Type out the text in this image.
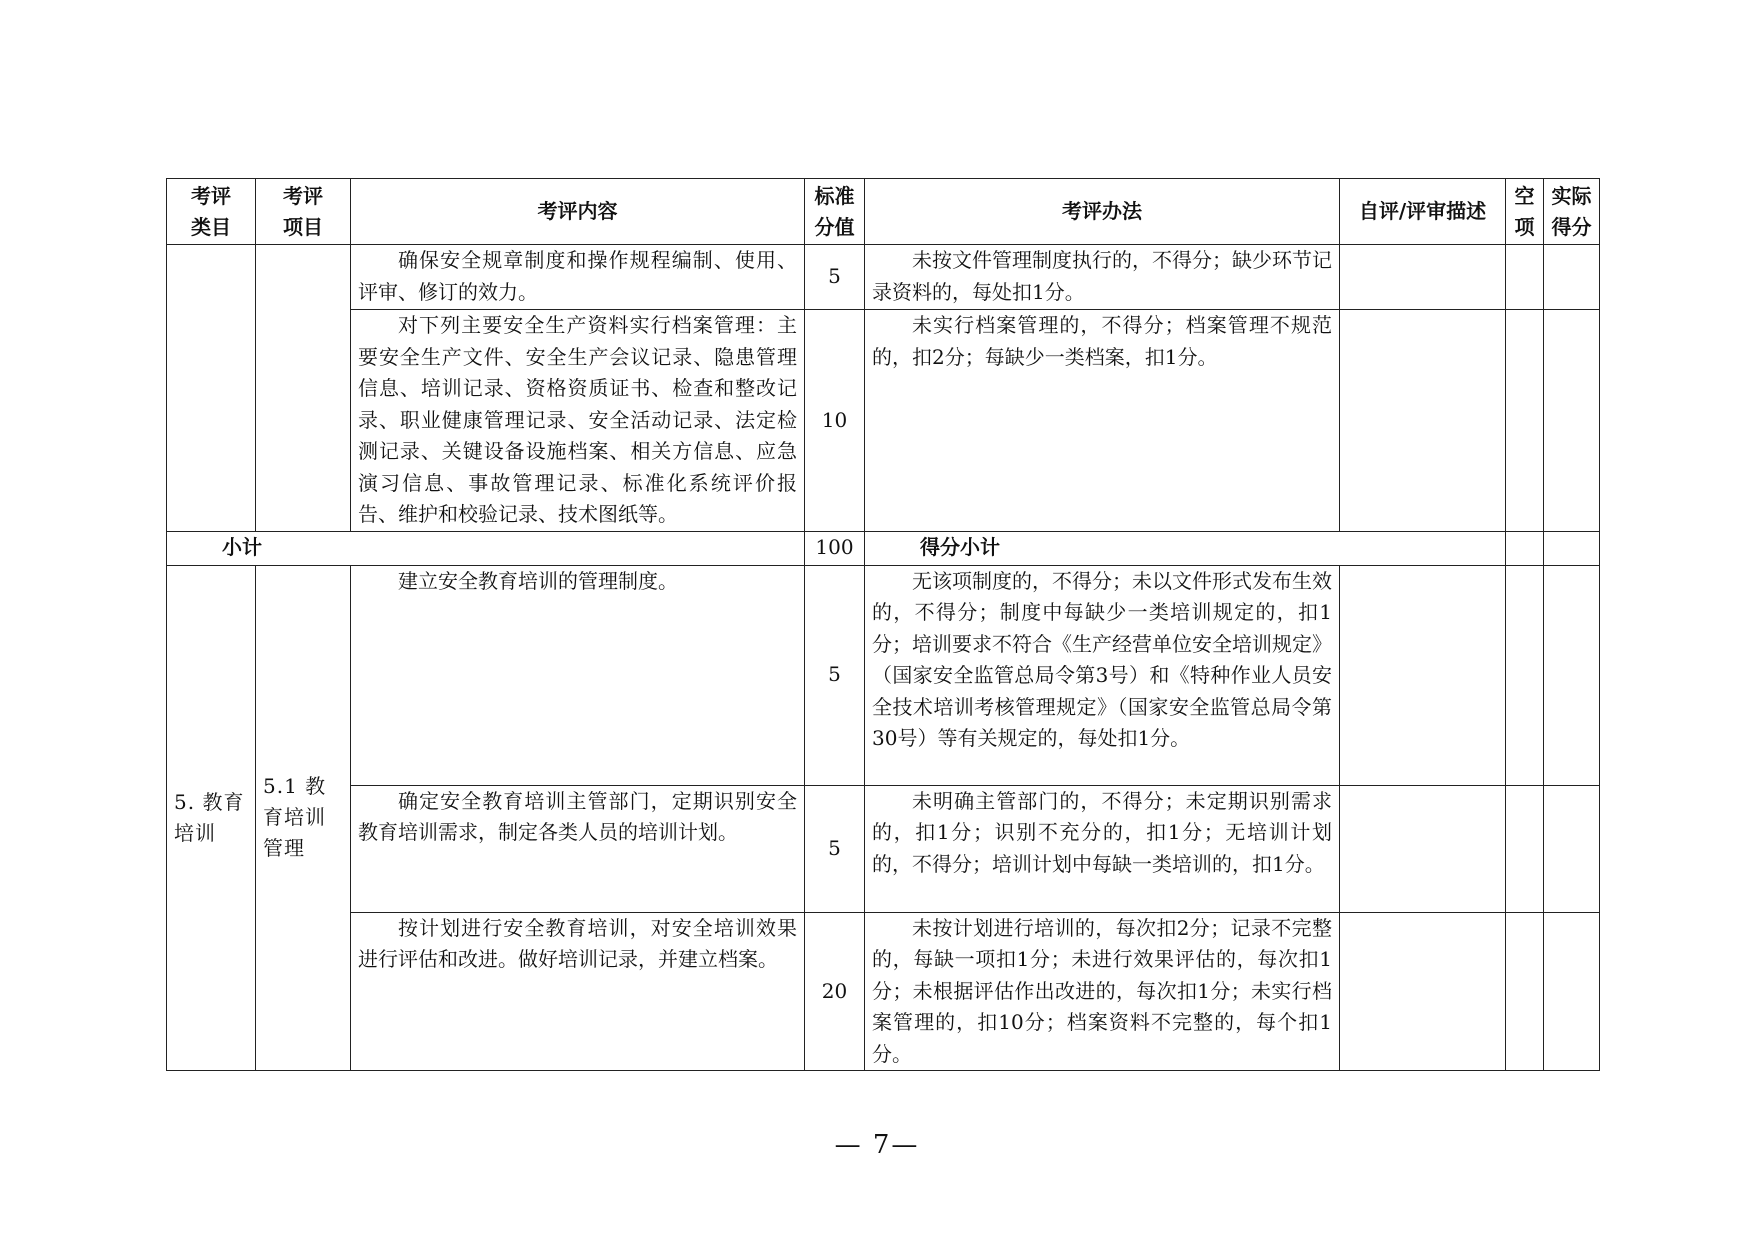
考评类目	考评项目	考评内容	标准分值	考评办法	自评/评审描述	空项	实际得分
		确保安全规章制度和操作规程编制、使用、评审、修订的效力。	5	未按文件管理制度执行的，不得分；缺少环节记录资料的，每处扣1分。			
		对下列主要安全生产资料实行档案管理：主要安全生产文件、安全生产会议记录、隐患管理信息、培训记录、资格资质证书、检查和整改记录、职业健康管理记录、安全活动记录、法定检测记录、关键设备设施档案、相关方信息、应急演习信息、事故管理记录、标准化系统评价报告、维护和校验记录、技术图纸等。	10	未实行档案管理的，不得分；档案管理不规范的，扣2分；每缺少一类档案，扣1分。			
小计			100	得分小计			
5. 教育培训	5.1 教育培训管理	建立安全教育培训的管理制度。	5	无该项制度的，不得分；未以文件形式发布生效的，不得分；制度中每缺少一类培训规定的，扣1分；培训要求不符合《生产经营单位安全培训规定》（国家安全监管总局令第3号）和《特种作业人员安全技术培训考核管理规定》（国家安全监管总局令第30号）等有关规定的，每处扣1分。			
		确定安全教育培训主管部门，定期识别安全教育培训需求，制定各类人员的培训计划。	5	未明确主管部门的，不得分；未定期识别需求的，扣1分；识别不充分的，扣1分；无培训计划的，不得分；培训计划中每缺一类培训的，扣1分。			
		按计划进行安全教育培训，对安全培训效果进行评估和改进。做好培训记录，并建立档案。	20	未按计划进行培训的，每次扣2分；记录不完整的，每缺一项扣1分；未进行效果评估的，每次扣1分；未根据评估作出改进的，每次扣1分；未实行档案管理的，扣10分；档案资料不完整的，每个扣1分。			
— 7—
